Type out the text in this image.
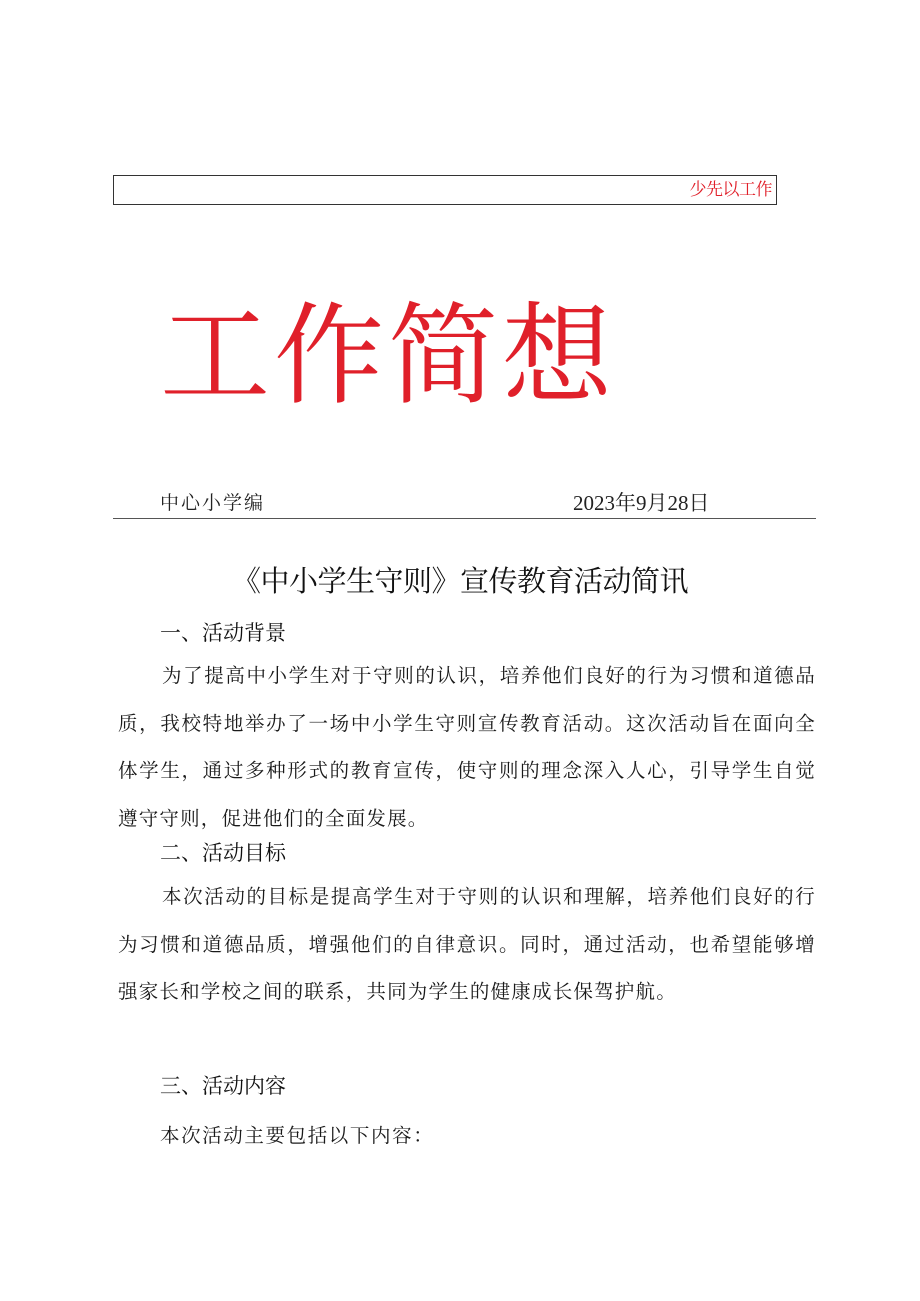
少先以工作
工作简想
中心小学编	2023年9月28日
《中小学生守则》宣传教育活动简讯
一、活动背景
为了提高中小学生对于守则的认识，培养他们良好的行为习惯和道德品质，我校特地举办了一场中小学生守则宣传教育活动。这次活动旨在面向全体学生，通过多种形式的教育宣传，使守则的理念深入人心，引导学生自觉遵守守则，促进他们的全面发展。
二、活动目标
本次活动的目标是提高学生对于守则的认识和理解，培养他们良好的行为习惯和道德品质，增强他们的自律意识。同时，通过活动，也希望能够增强家长和学校之间的联系，共同为学生的健康成长保驾护航。
三、活动内容
本次活动主要包括以下内容：
